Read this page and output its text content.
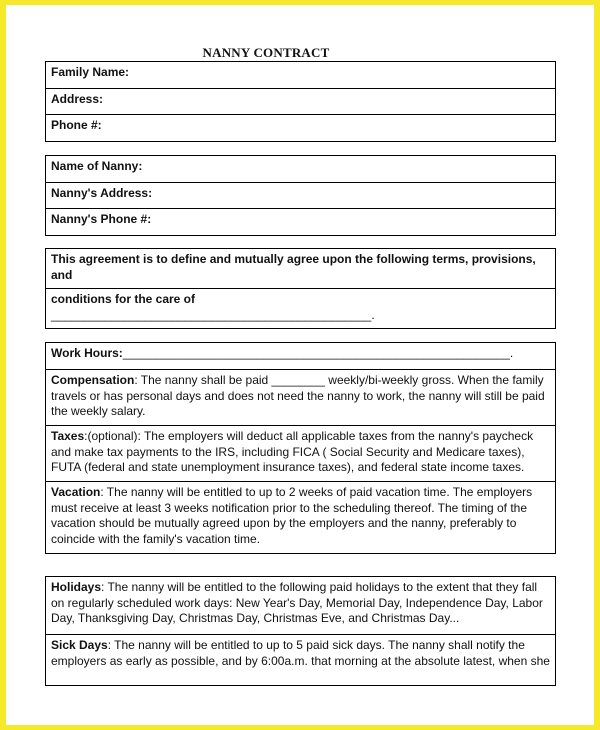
NANNY CONTRACT
Family Name:
Address:
Phone #:
Name of Nanny:
Nanny's Address:
Nanny's Phone #:
This agreement is to define and mutually agree upon the following terms, provisions, and
conditions for the care of
________________________________________________.
Work Hours:__________________________________________________________.
Compensation: The nanny shall be paid ________ weekly/bi-weekly gross. When the family travels or has personal days and does not need the nanny to work, the nanny will still be paid the weekly salary.
Taxes:(optional): The employers will deduct all applicable taxes from the nanny's paycheck and make tax payments to the IRS, including FICA ( Social Security and Medicare taxes), FUTA (federal and state unemployment insurance taxes), and federal state income taxes.
Vacation: The nanny will be entitled to up to 2 weeks of paid vacation time. The employers must receive at least 3 weeks notification prior to the scheduling thereof. The timing of the vacation should be mutually agreed upon by the employers and the nanny, preferably to coincide with the family's vacation time.
Holidays: The nanny will be entitled to the following paid holidays to the extent that they fall on regularly scheduled work days: New Year's Day, Memorial Day, Independence Day, Labor Day, Thanksgiving Day, Christmas Day, Christmas Eve, and Christmas Day...
Sick Days: The nanny will be entitled to up to 5 paid sick days. The nanny shall notify the employers as early as possible, and by 6:00a.m. that morning at the absolute latest, when she
